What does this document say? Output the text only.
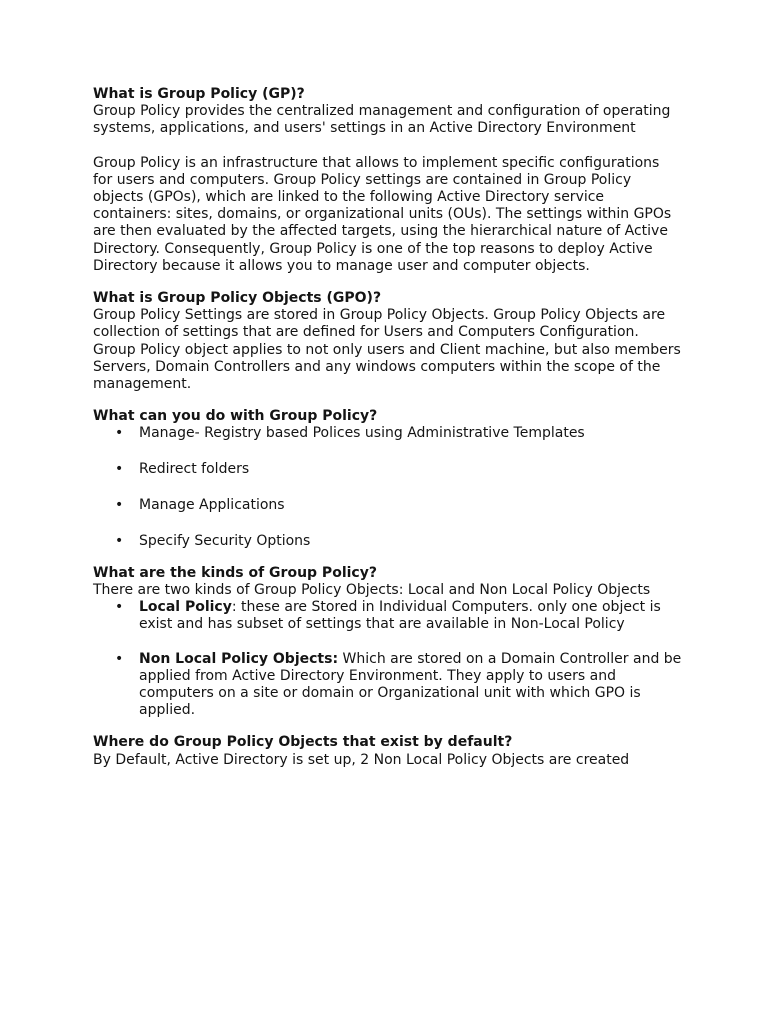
What is Group Policy (GP)?
Group Policy provides the centralized management and configuration of operating systems, applications, and users' settings in an Active Directory Environment
Group Policy is an infrastructure that allows to implement specific configurations for users and computers. Group Policy settings are contained in Group Policy objects (GPOs), which are linked to the following Active Directory service containers: sites, domains, or organizational units (OUs). The settings within GPOs are then evaluated by the affected targets, using the hierarchical nature of Active Directory. Consequently, Group Policy is one of the top reasons to deploy Active Directory because it allows you to manage user and computer objects.
What is Group Policy Objects (GPO)?
Group Policy Settings are stored in Group Policy Objects. Group Policy Objects are collection of settings that are defined for Users and Computers Configuration. Group Policy object applies to not only users and Client machine, but also members Servers, Domain Controllers and any windows computers within the scope of the management.
What can you do with Group Policy?
• Manage- Registry based Polices using Administrative Templates
• Redirect folders
• Manage Applications
• Specify Security Options
What are the kinds of Group Policy?
There are two kinds of Group Policy Objects: Local and Non Local Policy Objects
• Local Policy: these are Stored in Individual Computers. only one object is exist and has subset of settings that are available in Non-Local Policy
• Non Local Policy Objects: Which are stored on a Domain Controller and be applied from Active Directory Environment. They apply to users and computers on a site or domain or Organizational unit with which GPO is applied.
Where do Group Policy Objects that exist by default?
By Default, Active Directory is set up, 2 Non Local Policy Objects are created
